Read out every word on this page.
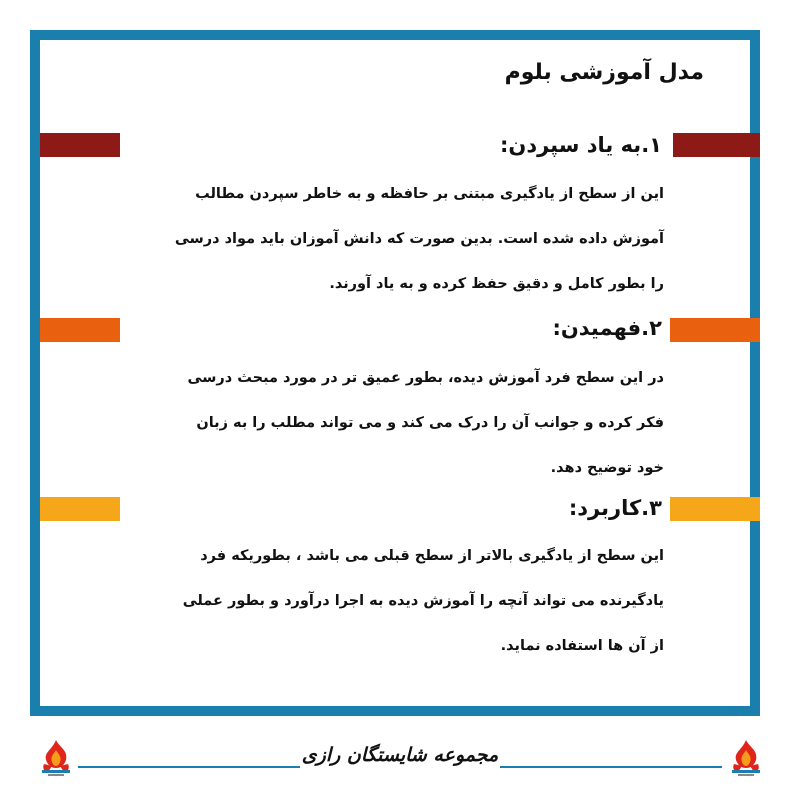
مدل آموزشی بلوم
۱.به یاد سپردن:
این از سطح از یادگیری مبتنی بر حافظه و به خاطر سپردن مطالب
آموزش داده شده است. بدین صورت که دانش آموزان باید مواد درسی
را بطور کامل و دقیق حفظ کرده و به یاد آورند.
۲.فهمیدن:
در این سطح فرد آموزش دیده، بطور عمیق تر در مورد مبحث درسی
فکر کرده و جوانب آن را درک می کند و می تواند مطلب را به زبان
خود توضیح دهد.
۳.کاربرد:
این سطح از یادگیری بالاتر از سطح قبلی می باشد ، بطوریکه فرد
یادگیرنده می تواند آنچه را آموزش دیده به اجرا درآورد و بطور عملی
از آن ها استفاده نماید.
مجموعه شایستگان رازی
